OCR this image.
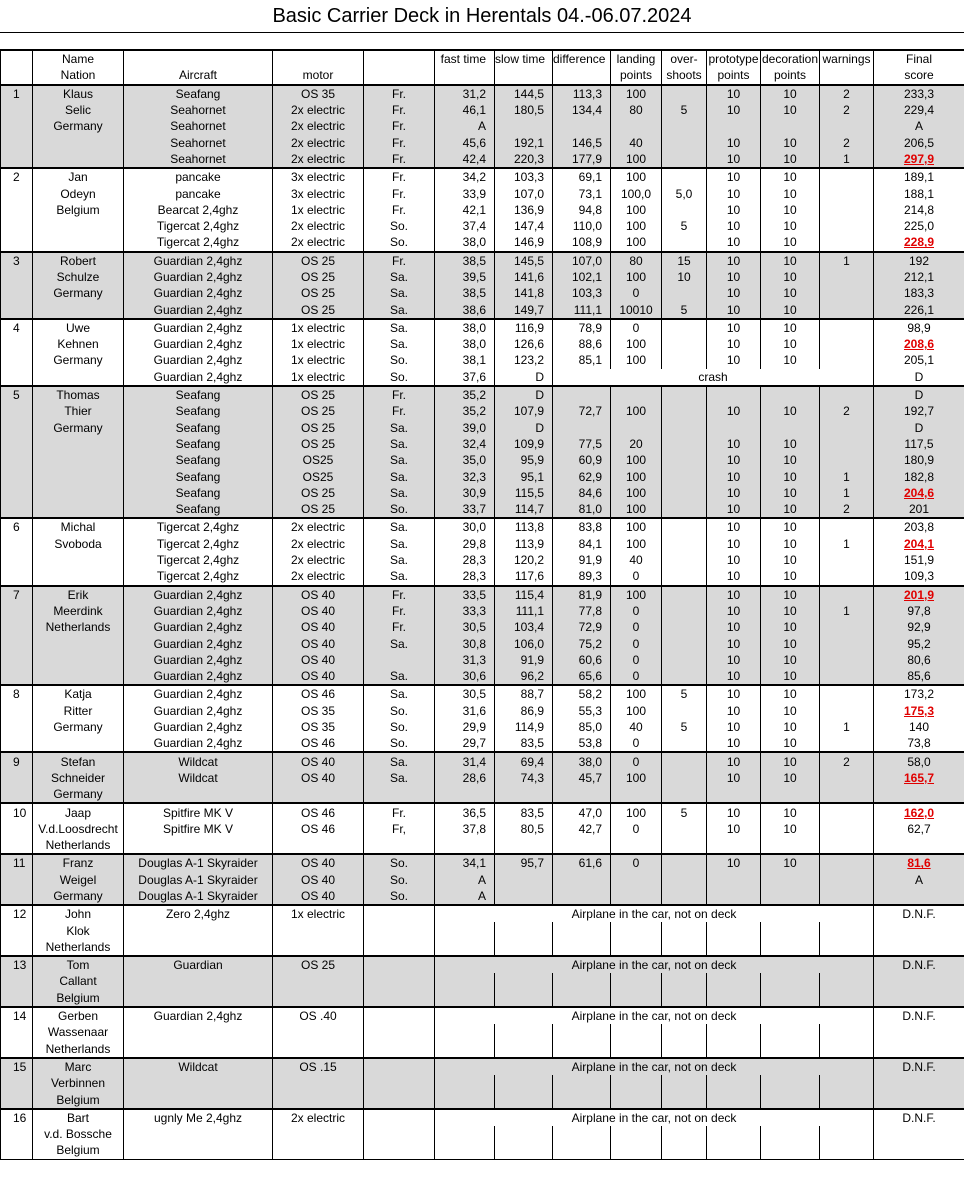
Basic Carrier Deck in Herentals 04.-06.07.2024
	Name				fast time	slow time	difference	landing	over-	prototype	decoration	warnings	Final
	Nation	Aircraft	motor					points	shoots	points	points		score
1	Klaus	Seafang	OS 35	Fr.	31,2	144,5	113,3	100		10	10	2	233,3
	Selic	Seahornet	2x electric	Fr.	46,1	180,5	134,4	80	5	10	10	2	229,4
	Germany	Seahornet	2x electric	Fr.	A								A
		Seahornet	2x electric	Fr.	45,6	192,1	146,5	40		10	10	2	206,5
		Seahornet	2x electric	Fr.	42,4	220,3	177,9	100		10	10	1	297,9
2	Jan	pancake	3x electric	Fr.	34,2	103,3	69,1	100		10	10		189,1
	Odeyn	pancake	3x electric	Fr.	33,9	107,0	73,1	100,0	5,0	10	10		188,1
	Belgium	Bearcat 2,4ghz	1x electric	Fr.	42,1	136,9	94,8	100		10	10		214,8
		Tigercat 2,4ghz	2x electric	So.	37,4	147,4	110,0	100	5	10	10		225,0
		Tigercat 2,4ghz	2x electric	So.	38,0	146,9	108,9	100		10	10		228,9
3	Robert	Guardian 2,4ghz	OS 25	Fr.	38,5	145,5	107,0	80	15	10	10	1	192
	Schulze	Guardian 2,4ghz	OS 25	Sa.	39,5	141,6	102,1	100	10	10	10		212,1
	Germany	Guardian 2,4ghz	OS 25	Sa.	38,5	141,8	103,3	0		10	10		183,3
		Guardian 2,4ghz	OS 25	Sa.	38,6	149,7	111,1	10010	5	10	10		226,1
4	Uwe	Guardian 2,4ghz	1x electric	Sa.	38,0	116,9	78,9	0		10	10		98,9
	Kehnen	Guardian 2,4ghz	1x electric	Sa.	38,0	126,6	88,6	100		10	10		208,6
	Germany	Guardian 2,4ghz	1x electric	So.	38,1	123,2	85,1	100		10	10		205,1
		Guardian 2,4ghz	1x electric	So.	37,6	D	crash						D
5	Thomas	Seafang	OS 25	Fr.	35,2	D							D
	Thier	Seafang	OS 25	Fr.	35,2	107,9	72,7	100		10	10	2	192,7
	Germany	Seafang	OS 25	Sa.	39,0	D							D
		Seafang	OS 25	Sa.	32,4	109,9	77,5	20		10	10		117,5
		Seafang	OS25	Sa.	35,0	95,9	60,9	100		10	10		180,9
		Seafang	OS25	Sa.	32,3	95,1	62,9	100		10	10	1	182,8
		Seafang	OS 25	Sa.	30,9	115,5	84,6	100		10	10	1	204,6
		Seafang	OS 25	So.	33,7	114,7	81,0	100		10	10	2	201
6	Michal	Tigercat 2,4ghz	2x electric	Sa.	30,0	113,8	83,8	100		10	10		203,8
	Svoboda	Tigercat 2,4ghz	2x electric	Sa.	29,8	113,9	84,1	100		10	10	1	204,1
		Tigercat 2,4ghz	2x electric	Sa.	28,3	120,2	91,9	40		10	10		151,9
		Tigercat 2,4ghz	2x electric	Sa.	28,3	117,6	89,3	0		10	10		109,3
7	Erik	Guardian 2,4ghz	OS 40	Fr.	33,5	115,4	81,9	100		10	10		201,9
	Meerdink	Guardian 2,4ghz	OS 40	Fr.	33,3	111,1	77,8	0		10	10	1	97,8
	Netherlands	Guardian 2,4ghz	OS 40	Fr.	30,5	103,4	72,9	0		10	10		92,9
		Guardian 2,4ghz	OS 40	Sa.	30,8	106,0	75,2	0		10	10		95,2
		Guardian 2,4ghz	OS 40		31,3	91,9	60,6	0		10	10		80,6
		Guardian 2,4ghz	OS 40	Sa.	30,6	96,2	65,6	0		10	10		85,6
8	Katja	Guardian 2,4ghz	OS 46	Sa.	30,5	88,7	58,2	100	5	10	10		173,2
	Ritter	Guardian 2,4ghz	OS 35	So.	31,6	86,9	55,3	100		10	10		175,3
	Germany	Guardian 2,4ghz	OS 35	So.	29,9	114,9	85,0	40	5	10	10	1	140
		Guardian 2,4ghz	OS 46	So.	29,7	83,5	53,8	0		10	10		73,8
9	Stefan	Wildcat	OS 40	Sa.	31,4	69,4	38,0	0		10	10	2	58,0
	Schneider	Wildcat	OS 40	Sa.	28,6	74,3	45,7	100		10	10		165,7
	Germany												
10	Jaap	Spitfire MK V	OS 46	Fr.	36,5	83,5	47,0	100	5	10	10		162,0
	V.d.Loosdrecht	Spitfire MK V	OS 46	Fr,	37,8	80,5	42,7	0		10	10		62,7
	Netherlands												
11	Franz	Douglas A-1 Skyraider	OS 40	So.	34,1	95,7	61,6	0		10	10		81,6
	Weigel	Douglas A-1 Skyraider	OS 40	So.	A								A
	Germany	Douglas A-1 Skyraider	OS 40	So.	A								
12	John	Zero 2,4ghz	1x electric		Airplane in the car, not on deck								D.N.F.
	Klok												
	Netherlands												
13	Tom	Guardian	OS 25		Airplane in the car, not on deck								D.N.F.
	Callant												
	Belgium												
14	Gerben	Guardian 2,4ghz	OS .40		Airplane in the car, not on deck								D.N.F.
	Wassenaar												
	Netherlands												
15	Marc	Wildcat	OS .15		Airplane in the car, not on deck								D.N.F.
	Verbinnen												
	Belgium												
16	Bart	ugnly Me 2,4ghz	2x electric		Airplane in the car, not on deck								D.N.F.
	v.d. Bossche												
	Belgium												
